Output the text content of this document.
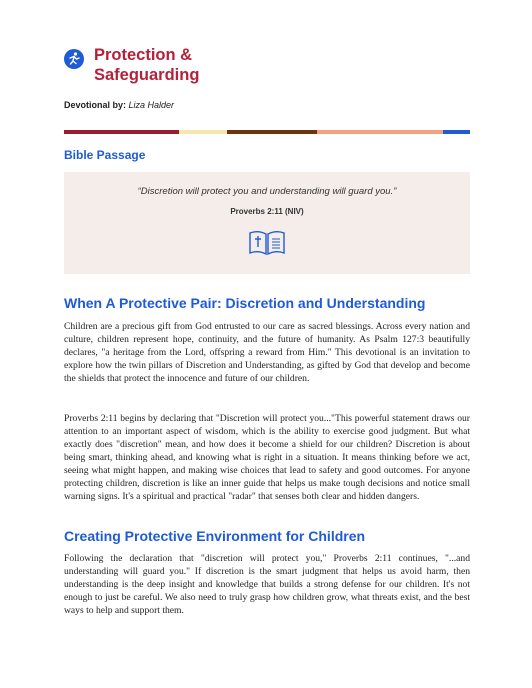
Protection &
Safeguarding
Devotional by: Liza Halder
Bible Passage
“Discretion will protect you and understanding will guard you.”
Proverbs 2:11 (NIV)
When A Protective Pair: Discretion and Understanding
Children are a precious gift from God entrusted to our care as sacred blessings. Across every nation and culture, children represent hope, continuity, and the future of humanity. As Psalm 127:3 beautifully declares, "a heritage from the Lord, offspring a reward from Him." This devotional is an invitation to explore how the twin pillars of Discretion and Understanding, as gifted by God that develop and become the shields that protect the innocence and future of our children.
Proverbs 2:11 begins by declaring that "Discretion will protect you..."This powerful statement draws our attention to an important aspect of wisdom, which is the ability to exercise good judgment. But what exactly does "discretion" mean, and how does it become a shield for our children? Discretion is about being smart, thinking ahead, and knowing what is right in a situation. It means thinking before we act, seeing what might happen, and making wise choices that lead to safety and good outcomes. For anyone protecting children, discretion is like an inner guide that helps us make tough decisions and notice small warning signs. It's a spiritual and practical "radar" that senses both clear and hidden dangers.
Creating Protective Environment for Children
Following the declaration that "discretion will protect you," Proverbs 2:11 continues, "...and understanding will guard you." If discretion is the smart judgment that helps us avoid harm, then understanding is the deep insight and knowledge that builds a strong defense for our children. It's not enough to just be careful. We also need to truly grasp how children grow, what threats exist, and the best ways to help and support them.
